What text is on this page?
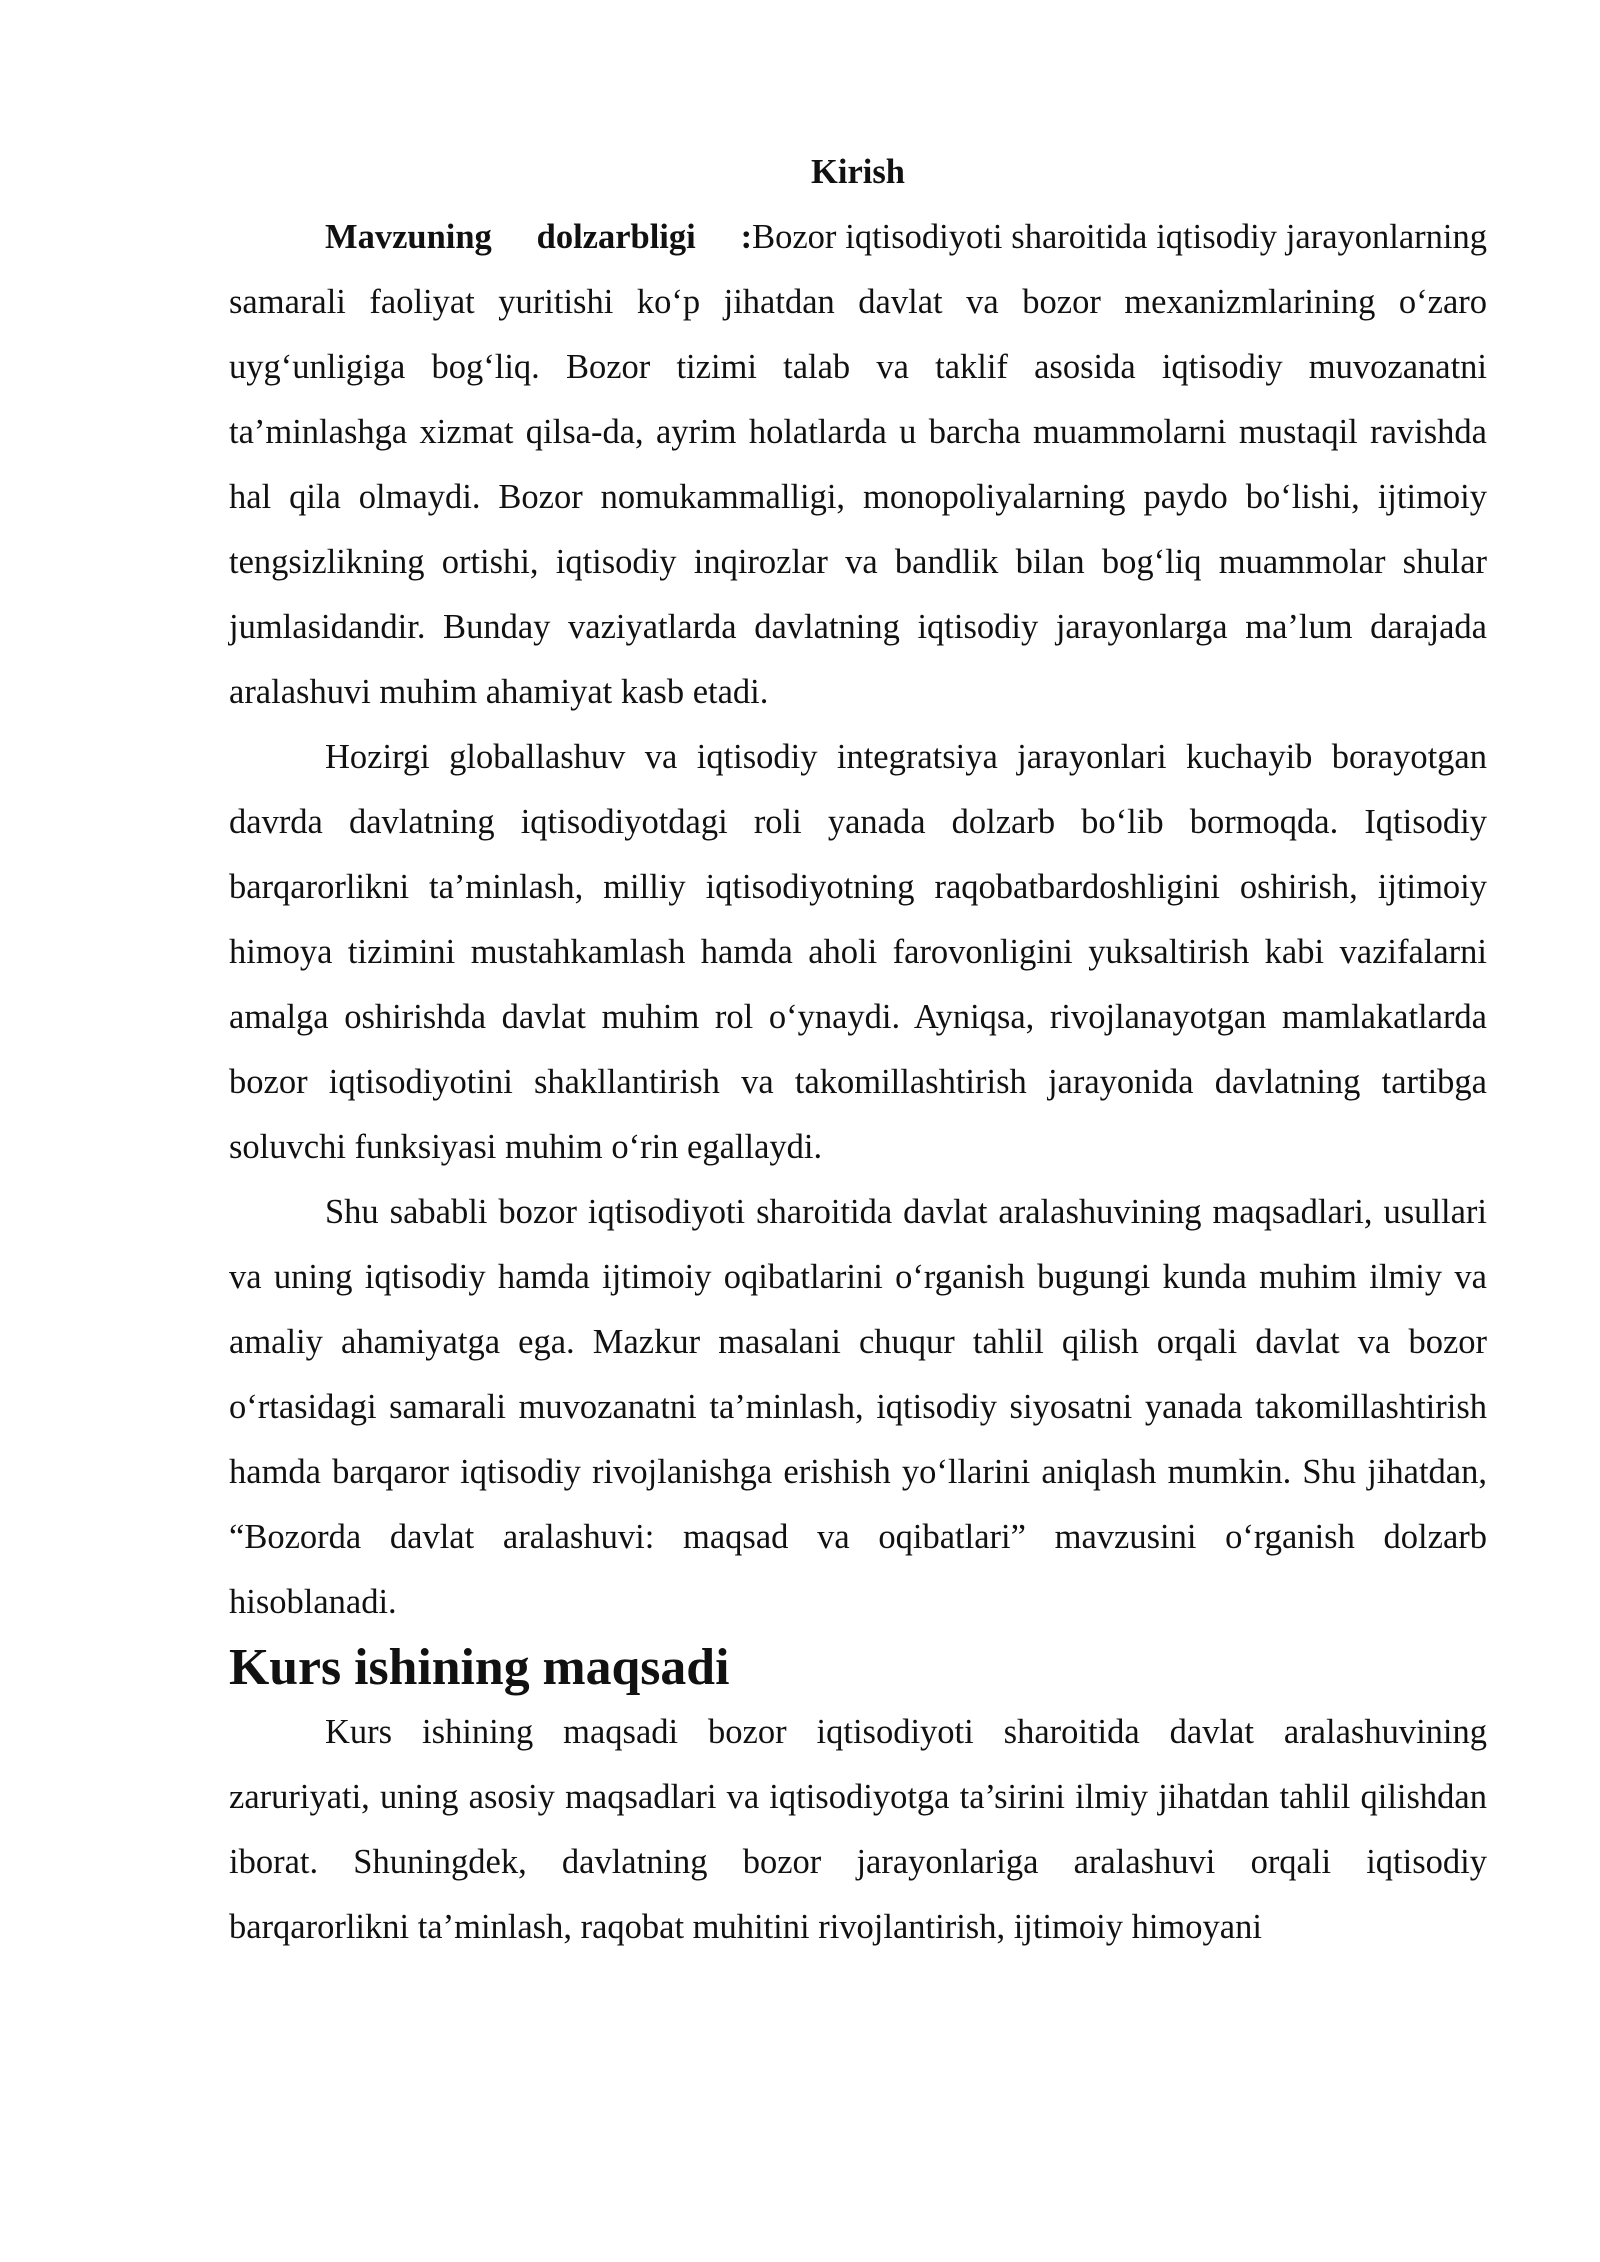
Kirish

Mavzuning dolzarbligi :Bozor iqtisodiyoti sharoitida iqtisodiy jarayonlarning samarali faoliyat yuritishi ko‘p jihatdan davlat va bozor mexanizmlarining o‘zaro uyg‘unligiga bog‘liq. Bozor tizimi talab va taklif asosida iqtisodiy muvozanatni ta’minlashga xizmat qilsa-da, ayrim holatlarda u barcha muammolarni mustaqil ravishda hal qila olmaydi. Bozor nomukammalligi, monopoliyalarning paydo bo‘lishi, ijtimoiy tengsizlikning ortishi, iqtisodiy inqirozlar va bandlik bilan bog‘liq muammolar shular jumlasidandir. Bunday vaziyatlarda davlatning iqtisodiy jarayonlarga ma’lum darajada aralashuvi muhim ahamiyat kasb etadi.

Hozirgi globallashuv va iqtisodiy integratsiya jarayonlari kuchayib borayotgan davrda davlatning iqtisodiyotdagi roli yanada dolzarb bo‘lib bormoqda. Iqtisodiy barqarorlikni ta’minlash, milliy iqtisodiyotning raqobatbardoshligini oshirish, ijtimoiy himoya tizimini mustahkamlash hamda aholi farovonligini yuksaltirish kabi vazifalarni amalga oshirishda davlat muhim rol o‘ynaydi. Ayniqsa, rivojlanayotgan mamlakatlarda bozor iqtisodiyotini shakllantirish va takomillashtirish jarayonida davlatning tartibga soluvchi funksiyasi muhim o‘rin egallaydi.

Shu sababli bozor iqtisodiyoti sharoitida davlat aralashuvining maqsadlari, usullari va uning iqtisodiy hamda ijtimoiy oqibatlarini o‘rganish bugungi kunda muhim ilmiy va amaliy ahamiyatga ega. Mazkur masalani chuqur tahlil qilish orqali davlat va bozor o‘rtasidagi samarali muvozanatni ta’minlash, iqtisodiy siyosatni yanada takomillashtirish hamda barqaror iqtisodiy rivojlanishga erishish yo‘llarini aniqlash mumkin. Shu jihatdan, “Bozorda davlat aralashuvi: maqsad va oqibatlari” mavzusini o‘rganish dolzarb hisoblanadi.

Kurs ishining maqsadi

Kurs ishining maqsadi bozor iqtisodiyoti sharoitida davlat aralashuvining zaruriyati, uning asosiy maqsadlari va iqtisodiyotga ta’sirini ilmiy jihatdan tahlil qilishdan iborat. Shuningdek, davlatning bozor jarayonlariga aralashuvi orqali iqtisodiy barqarorlikni ta’minlash, raqobat muhitini rivojlantirish, ijtimoiy himoyani
